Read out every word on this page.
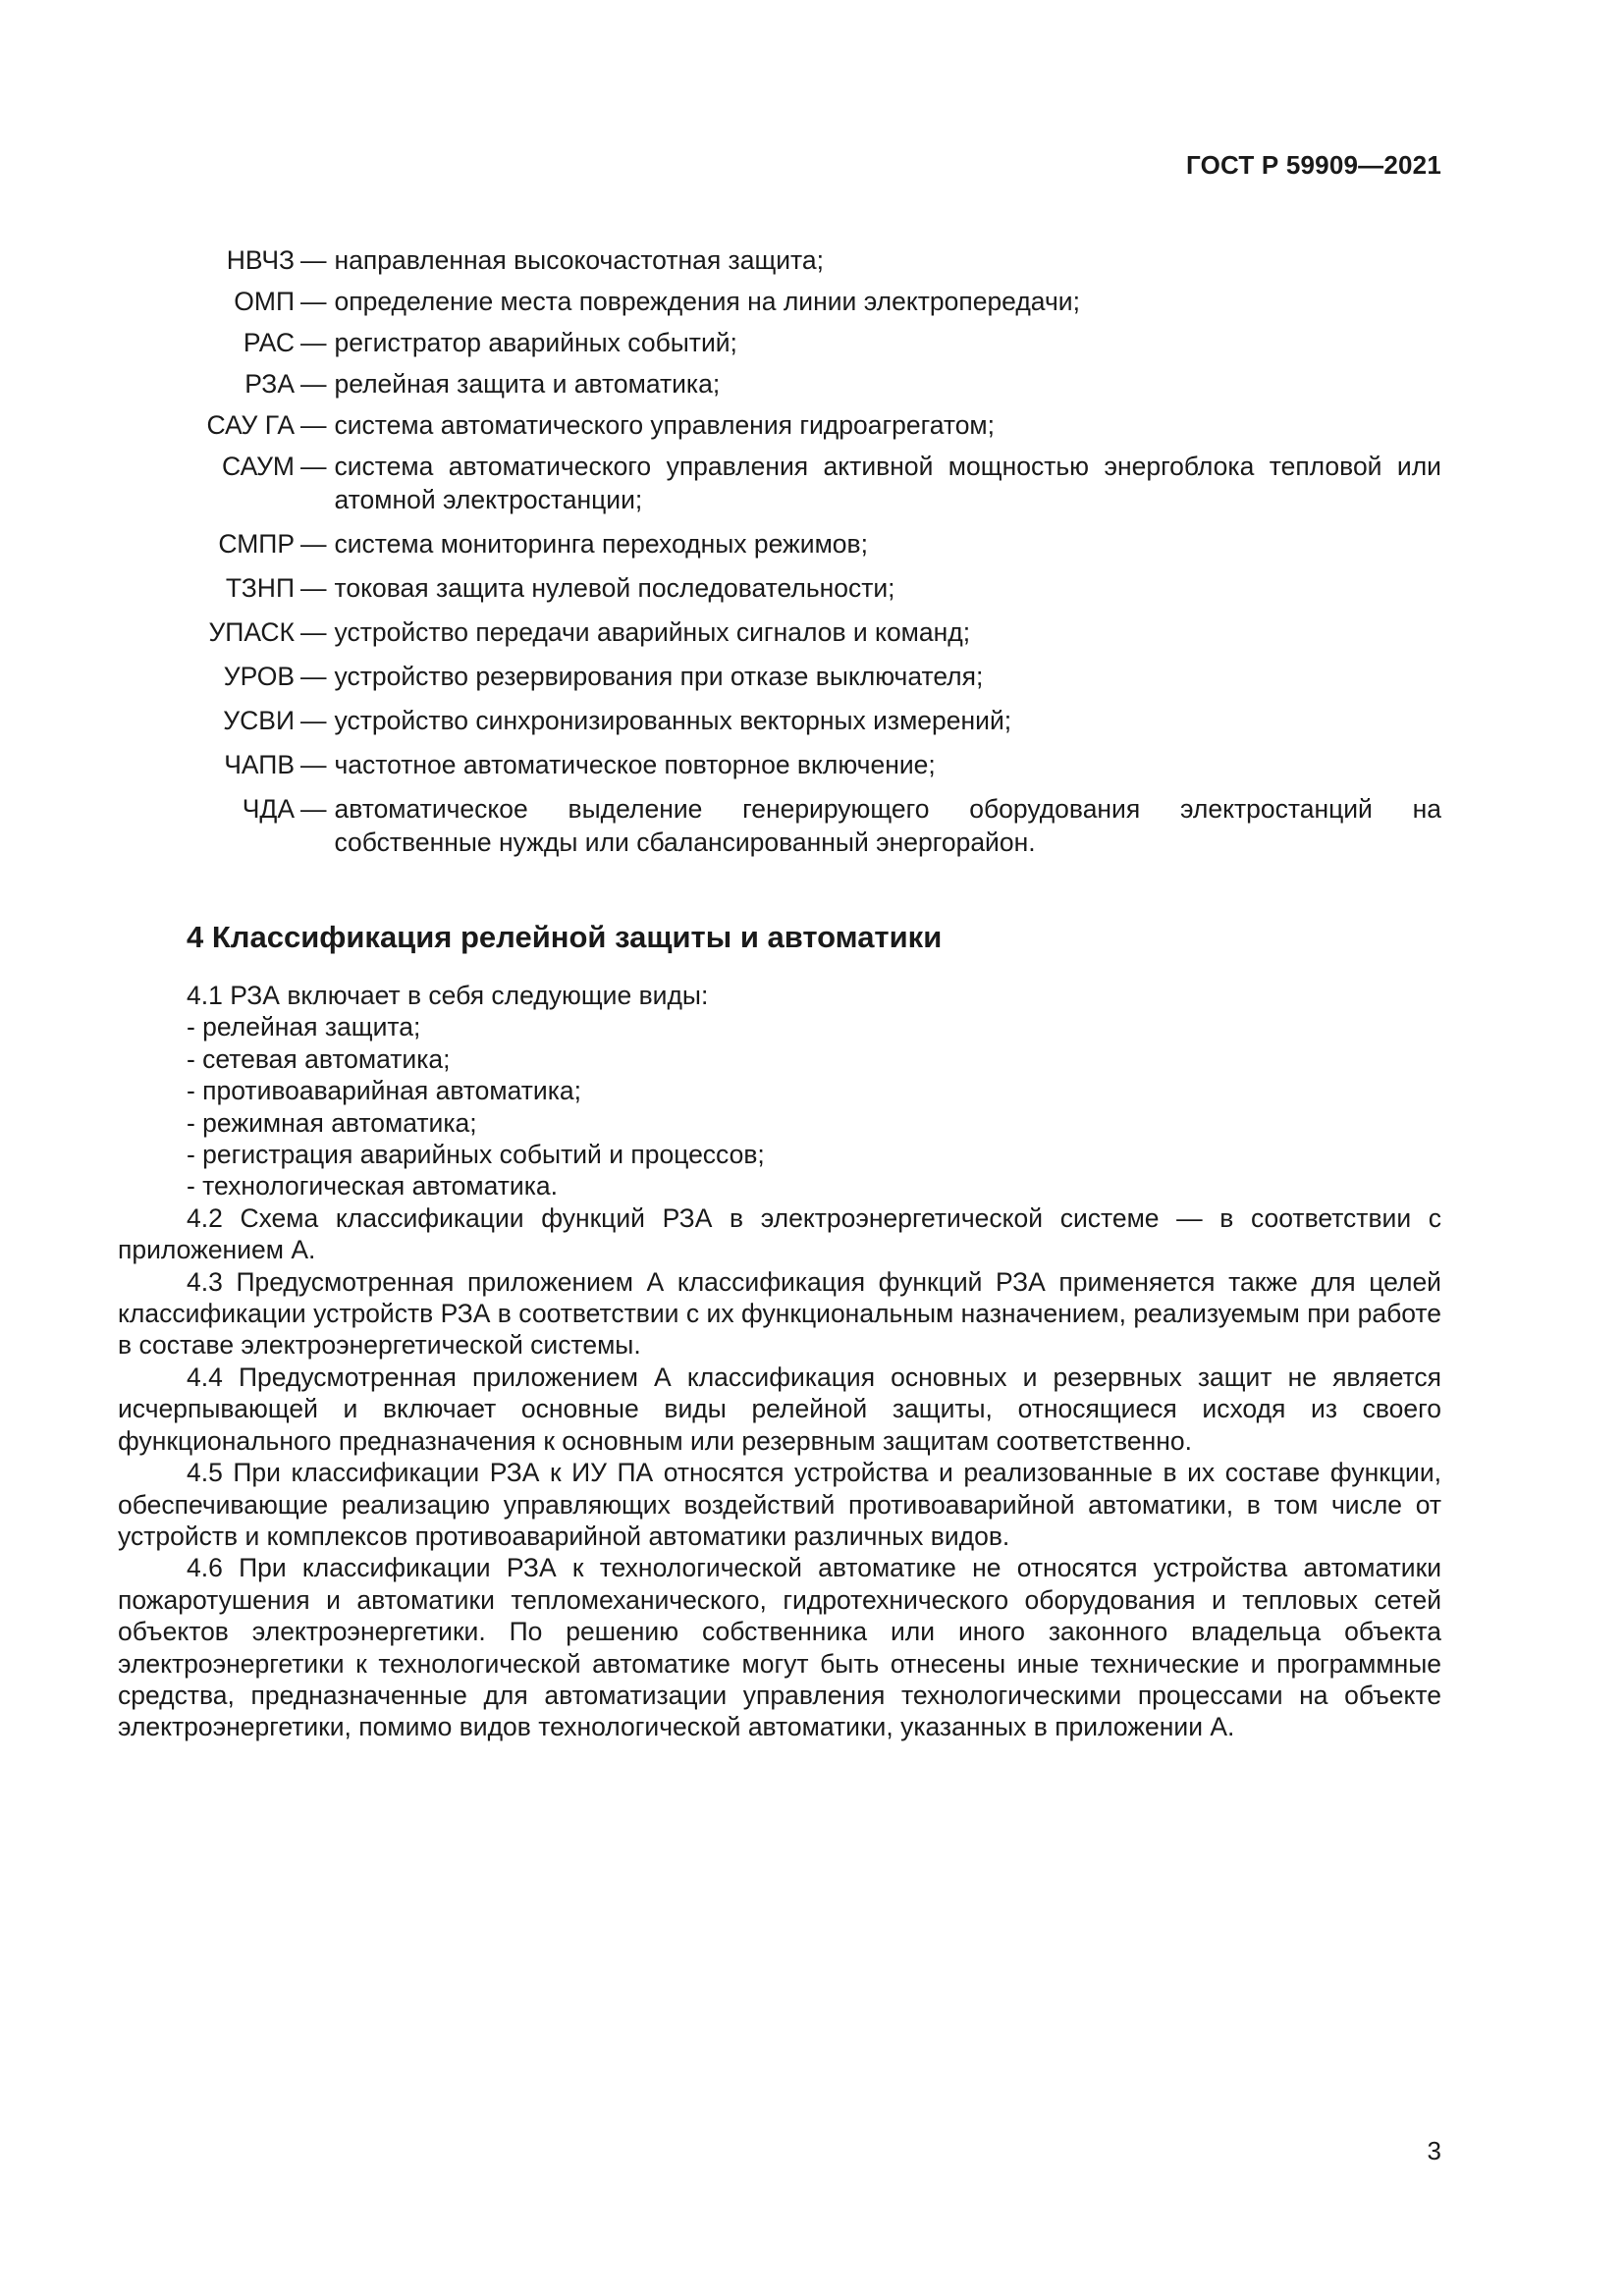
ГОСТ Р 59909—2021
НВЧЗ — направленная высокочастотная защита;
ОМП — определение места повреждения на линии электропередачи;
РАС — регистратор аварийных событий;
РЗА — релейная защита и автоматика;
САУ ГА — система автоматического управления гидроагрегатом;
САУМ — система автоматического управления активной мощностью энергоблока тепловой или атомной электростанции;
СМПР — система мониторинга переходных режимов;
ТЗНП — токовая защита нулевой последовательности;
УПАСК — устройство передачи аварийных сигналов и команд;
УРОВ — устройство резервирования при отказе выключателя;
УСВИ — устройство синхронизированных векторных измерений;
ЧАПВ — частотное автоматическое повторное включение;
ЧДА — автоматическое выделение генерирующего оборудования электростанций на собственные нужды или сбалансированный энергорайон.
4 Классификация релейной защиты и автоматики
4.1 РЗА включает в себя следующие виды:
- релейная защита;
- сетевая автоматика;
- противоаварийная автоматика;
- режимная автоматика;
- регистрация аварийных событий и процессов;
- технологическая автоматика.
4.2 Схема классификации функций РЗА в электроэнергетической системе — в соответствии с приложением А.
4.3 Предусмотренная приложением А классификация функций РЗА применяется также для целей классификации устройств РЗА в соответствии с их функциональным назначением, реализуемым при работе в составе электроэнергетической системы.
4.4 Предусмотренная приложением А классификация основных и резервных защит не является исчерпывающей и включает основные виды релейной защиты, относящиеся исходя из своего функционального предназначения к основным или резервным защитам соответственно.
4.5 При классификации РЗА к ИУ ПА относятся устройства и реализованные в их составе функции, обеспечивающие реализацию управляющих воздействий противоаварийной автоматики, в том числе от устройств и комплексов противоаварийной автоматики различных видов.
4.6 При классификации РЗА к технологической автоматике не относятся устройства автоматики пожаротушения и автоматики тепломеханического, гидротехнического оборудования и тепловых сетей объектов электроэнергетики. По решению собственника или иного законного владельца объекта электроэнергетики к технологической автоматике могут быть отнесены иные технические и программные средства, предназначенные для автоматизации управления технологическими процессами на объекте электроэнергетики, помимо видов технологической автоматики, указанных в приложении А.
3
